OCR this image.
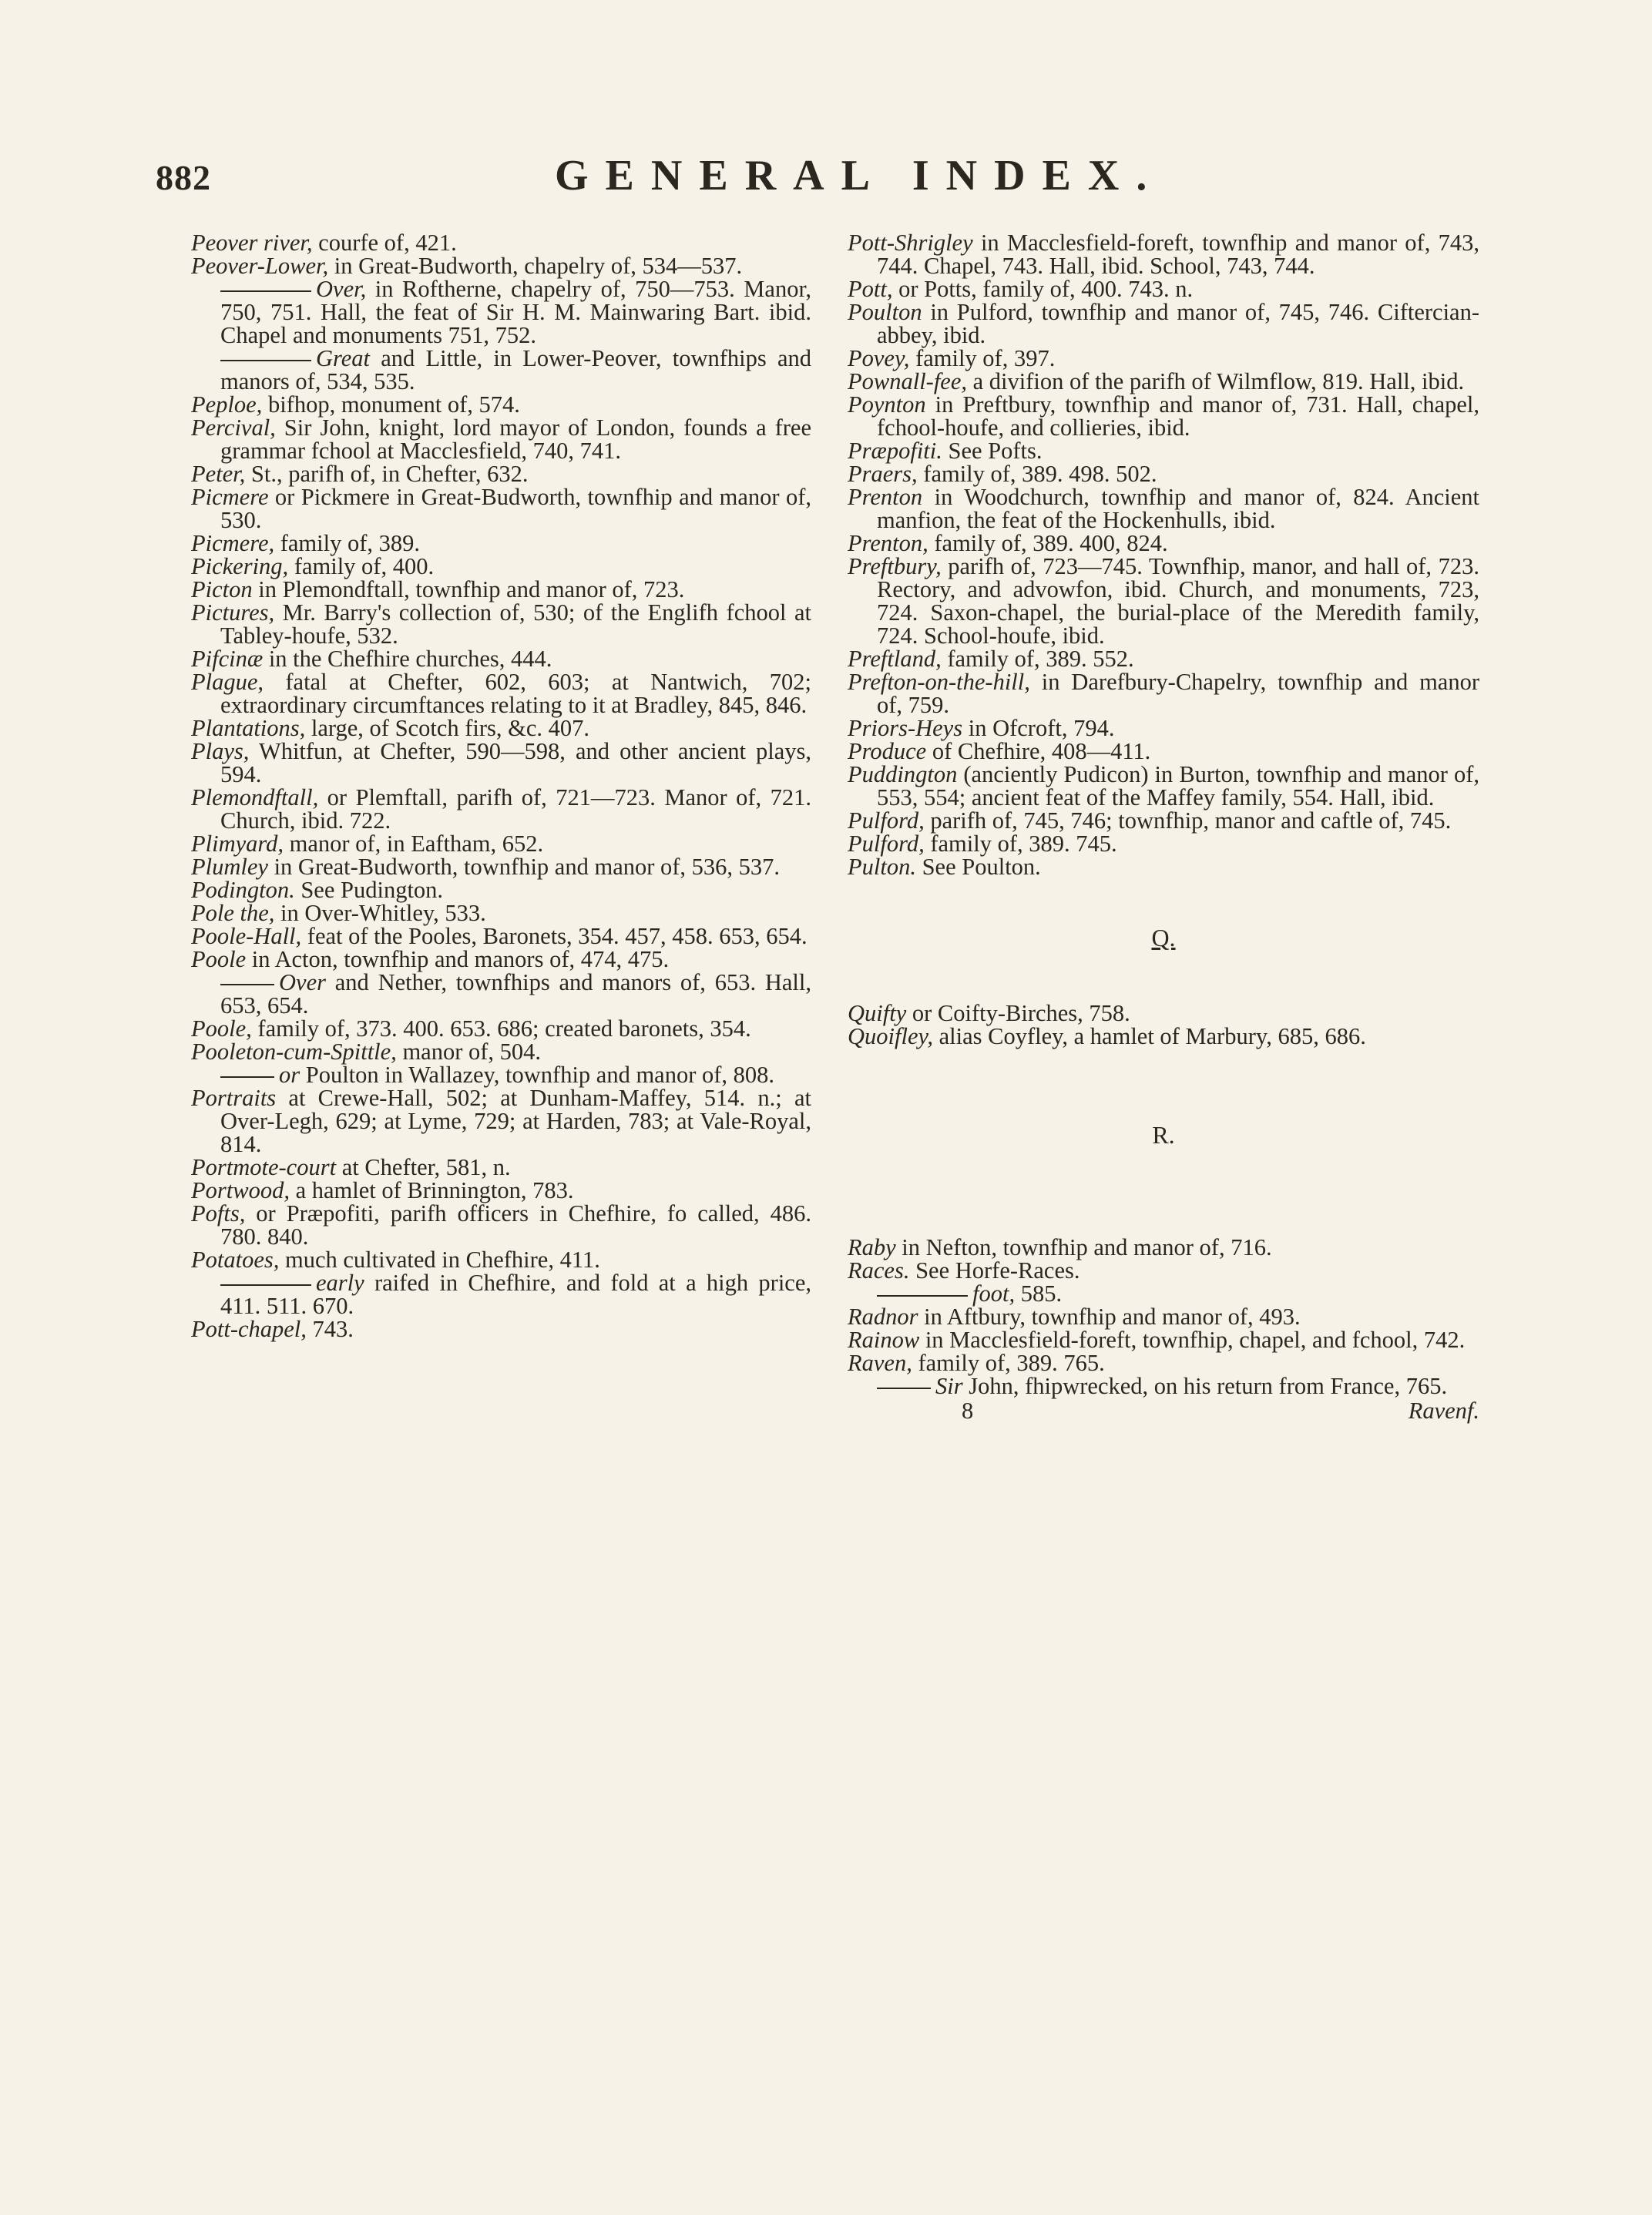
882	GENERAL INDEX.

Peover river, courfe of, 421.

Peover-Lower, in Great-Budworth, chapelry of, 534—537.

Over, in Roftherne, chapelry of, 750—753. Manor, 750, 751. Hall, the feat of Sir H. M. Mainwaring Bart. ibid. Chapel and monuments 751, 752.

Great and Little, in Lower-Peover, townfhips and manors of, 534, 535.

Peploe, bifhop, monument of, 574.

Percival, Sir John, knight, lord mayor of London, founds a free grammar fchool at Macclesfield, 740, 741.

Peter, St., parifh of, in Chefter, 632.

Picmere or Pickmere in Great-Budworth, townfhip and manor of, 530.

Picmere, family of, 389.

Pickering, family of, 400.

Picton in Plemondftall, townfhip and manor of, 723.

Pictures, Mr. Barry's collection of, 530; of the Englifh fchool at Tabley-houfe, 532.

Pifcinæ in the Chefhire churches, 444.

Plague, fatal at Chefter, 602, 603; at Nantwich, 702; extraordinary circumftances relating to it at Bradley, 845, 846.

Plantations, large, of Scotch firs, &c. 407.

Plays, Whitfun, at Chefter, 590—598, and other ancient plays, 594.

Plemondftall, or Plemftall, parifh of, 721—723. Manor of, 721. Church, ibid. 722.

Plimyard, manor of, in Eaftham, 652.

Plumley in Great-Budworth, townfhip and manor of, 536, 537.

Podington. See Pudington.

Pole the, in Over-Whitley, 533.

Poole-Hall, feat of the Pooles, Baronets, 354. 457, 458. 653, 654.

Poole in Acton, townfhip and manors of, 474, 475.

Over and Nether, townfhips and manors of, 653. Hall, 653, 654.

Poole, family of, 373. 400. 653. 686; created baronets, 354.

Pooleton-cum-Spittle, manor of, 504.

or Poulton in Wallazey, townfhip and manor of, 808.

Portraits at Crewe-Hall, 502; at Dunham-Maffey, 514. n.; at Over-Legh, 629; at Lyme, 729; at Harden, 783; at Vale-Royal, 814.

Portmote-court at Chefter, 581, n.

Portwood, a hamlet of Brinnington, 783.

Pofts, or Præpofiti, parifh officers in Chefhire, fo called, 486. 780. 840.

Potatoes, much cultivated in Chefhire, 411.

early raifed in Chefhire, and fold at a high price, 411. 511. 670.

Pott-chapel, 743.

Pott-Shrigley in Macclesfield-foreft, townfhip and manor of, 743, 744. Chapel, 743. Hall, ibid. School, 743, 744.

Pott, or Potts, family of, 400. 743. n.

Poulton in Pulford, townfhip and manor of, 745, 746. Ciftercian-abbey, ibid.

Povey, family of, 397.

Pownall-fee, a divifion of the parifh of Wilmflow, 819. Hall, ibid.

Poynton in Preftbury, townfhip and manor of, 731. Hall, chapel, fchool-houfe, and collieries, ibid.

Præpofiti. See Pofts.

Praers, family of, 389. 498. 502.

Prenton in Woodchurch, townfhip and manor of, 824. Ancient manfion, the feat of the Hockenhulls, ibid.

Prenton, family of, 389. 400, 824.

Preftbury, parifh of, 723—745. Townfhip, manor, and hall of, 723. Rectory, and advowfon, ibid. Church, and monuments, 723, 724. Saxon-chapel, the burial-place of the Meredith family, 724. School-houfe, ibid.

Preftland, family of, 389. 552.

Prefton-on-the-hill, in Darefbury-Chapelry, townfhip and manor of, 759.

Priors-Heys in Ofcroft, 794.

Produce of Chefhire, 408—411.

Puddington (anciently Pudicon) in Burton, townfhip and manor of, 553, 554; ancient feat of the Maffey family, 554. Hall, ibid.

Pulford, parifh of, 745, 746; townfhip, manor and caftle of, 745.

Pulford, family of, 389. 745.

Pulton. See Poulton.

Q.

Quifty or Coifty-Birches, 758.

Quoifley, alias Coyfley, a hamlet of Marbury, 685, 686.

R.

Raby in Nefton, townfhip and manor of, 716.

Races. See Horfe-Races.

foot, 585.

Radnor in Aftbury, townfhip and manor of, 493.

Rainow in Macclesfield-foreft, townfhip, chapel, and fchool, 742.

Raven, family of, 389. 765.

Sir John, fhipwrecked, on his return from France, 765.

8	Ravenf.
